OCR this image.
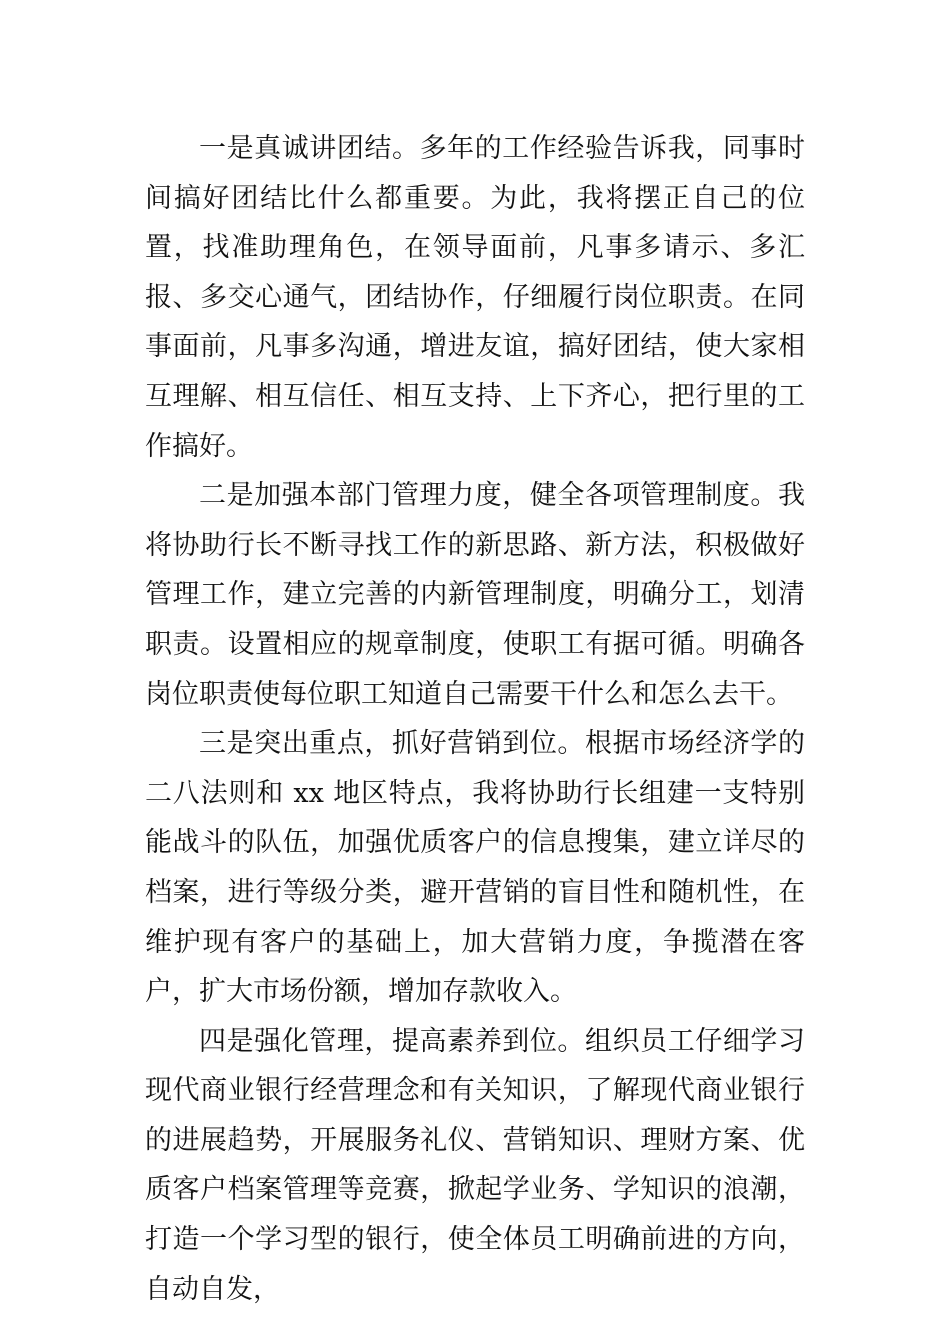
一是真诚讲团结。多年的工作经验告诉我，同事时间搞好团结比什么都重要。为此，我将摆正自己的位置，找准助理角色，在领导面前，凡事多请示、多汇报、多交心通气，团结协作，仔细履行岗位职责。在同事面前，凡事多沟通，增进友谊，搞好团结，使大家相互理解、相互信任、相互支持、上下齐心，把行里的工作搞好。

二是加强本部门管理力度，健全各项管理制度。我将协助行长不断寻找工作的新思路、新方法，积极做好管理工作，建立完善的内新管理制度，明确分工，划清职责。设置相应的规章制度，使职工有据可循。明确各岗位职责使每位职工知道自己需要干什么和怎么去干。

三是突出重点，抓好营销到位。根据市场经济学的二八法则和 xx 地区特点，我将协助行长组建一支特别能战斗的队伍，加强优质客户的信息搜集，建立详尽的档案，进行等级分类，避开营销的盲目性和随机性，在维护现有客户的基础上，加大营销力度，争揽潜在客户，扩大市场份额，增加存款收入。

四是强化管理，提高素养到位。组织员工仔细学习现代商业银行经营理念和有关知识，了解现代商业银行的进展趋势，开展服务礼仪、营销知识、理财方案、优质客户档案管理等竞赛，掀起学业务、学知识的浪潮，打造一个学习型的银行，使全体员工明确前进的方向，自动自发，
